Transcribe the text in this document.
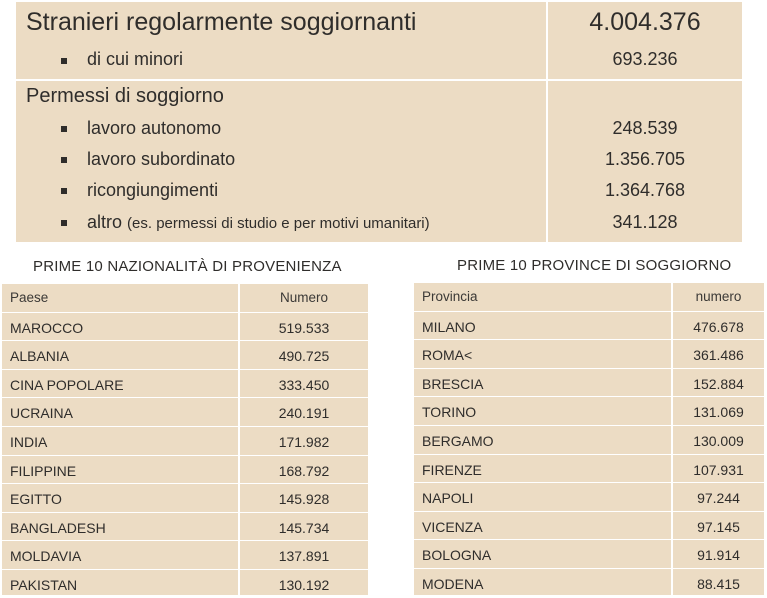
Stranieri regolarmente soggiornanti	4.004.376
di cui minori	693.236
Permessi di soggiorno
lavoro autonomo	248.539
lavoro subordinato	1.356.705
ricongiungimenti	1.364.768
altro (es. permessi di studio e per motivi umanitari)	341.128
PRIME 10 NAZIONALITÀ DI PROVENIENZA	PRIME 10 PROVINCE DI SOGGIORNO
Paese	Numero
MAROCCO	519.533
ALBANIA	490.725
CINA POPOLARE	333.450
UCRAINA	240.191
INDIA	171.982
FILIPPINE	168.792
EGITTO	145.928
BANGLADESH	145.734
MOLDAVIA	137.891
PAKISTAN	130.192
Provincia	numero
MILANO	476.678
ROMA<	361.486
BRESCIA	152.884
TORINO	131.069
BERGAMO	130.009
FIRENZE	107.931
NAPOLI	97.244
VICENZA	97.145
BOLOGNA	91.914
MODENA	88.415
